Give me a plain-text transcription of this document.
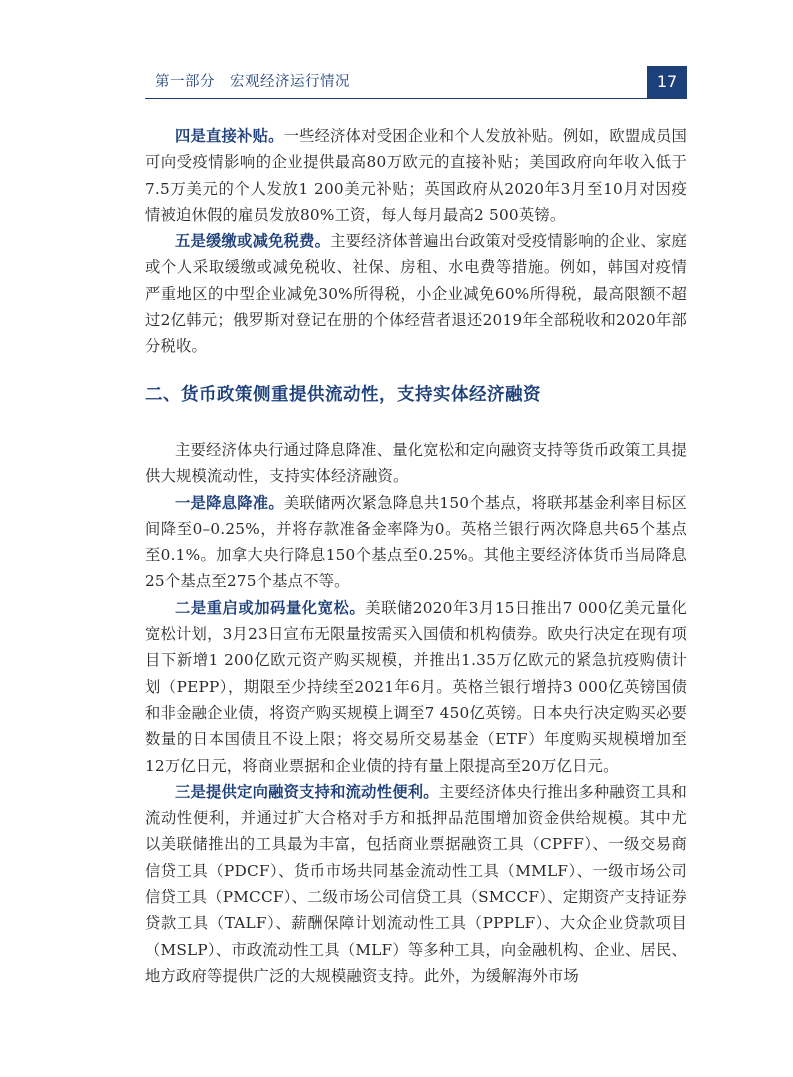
第一部分　宏观经济运行情况	17

四是直接补贴。一些经济体对受困企业和个人发放补贴。例如，欧盟成员国可向受疫情影响的企业提供最高80万欧元的直接补贴；美国政府向年收入低于7.5万美元的个人发放1 200美元补贴；英国政府从2020年3月至10月对因疫情被迫休假的雇员发放80%工资，每人每月最高2 500英镑。

五是缓缴或减免税费。主要经济体普遍出台政策对受疫情影响的企业、家庭或个人采取缓缴或减免税收、社保、房租、水电费等措施。例如，韩国对疫情严重地区的中型企业减免30%所得税，小企业减免60%所得税，最高限额不超过2亿韩元；俄罗斯对登记在册的个体经营者退还2019年全部税收和2020年部分税收。

二、货币政策侧重提供流动性，支持实体经济融资

主要经济体央行通过降息降准、量化宽松和定向融资支持等货币政策工具提供大规模流动性，支持实体经济融资。

一是降息降准。美联储两次紧急降息共150个基点，将联邦基金利率目标区间降至0–0.25%，并将存款准备金率降为0。英格兰银行两次降息共65个基点至0.1%。加拿大央行降息150个基点至0.25%。其他主要经济体货币当局降息25个基点至275个基点不等。

二是重启或加码量化宽松。美联储2020年3月15日推出7 000亿美元量化宽松计划，3月23日宣布无限量按需买入国债和机构债券。欧央行决定在现有项目下新增1 200亿欧元资产购买规模，并推出1.35万亿欧元的紧急抗疫购债计划（PEPP），期限至少持续至2021年6月。英格兰银行增持3 000亿英镑国债和非金融企业债，将资产购买规模上调至7 450亿英镑。日本央行决定购买必要数量的日本国债且不设上限；将交易所交易基金（ETF）年度购买规模增加至12万亿日元，将商业票据和企业债的持有量上限提高至20万亿日元。

三是提供定向融资支持和流动性便利。主要经济体央行推出多种融资工具和流动性便利，并通过扩大合格对手方和抵押品范围增加资金供给规模。其中尤以美联储推出的工具最为丰富，包括商业票据融资工具（CPFF）、一级交易商信贷工具（PDCF）、货币市场共同基金流动性工具（MMLF）、一级市场公司信贷工具（PMCCF）、二级市场公司信贷工具（SMCCF）、定期资产支持证券贷款工具（TALF）、薪酬保障计划流动性工具（PPPLF）、大众企业贷款项目（MSLP）、市政流动性工具（MLF）等多种工具，向金融机构、企业、居民、地方政府等提供广泛的大规模融资支持。此外，为缓解海外市场
